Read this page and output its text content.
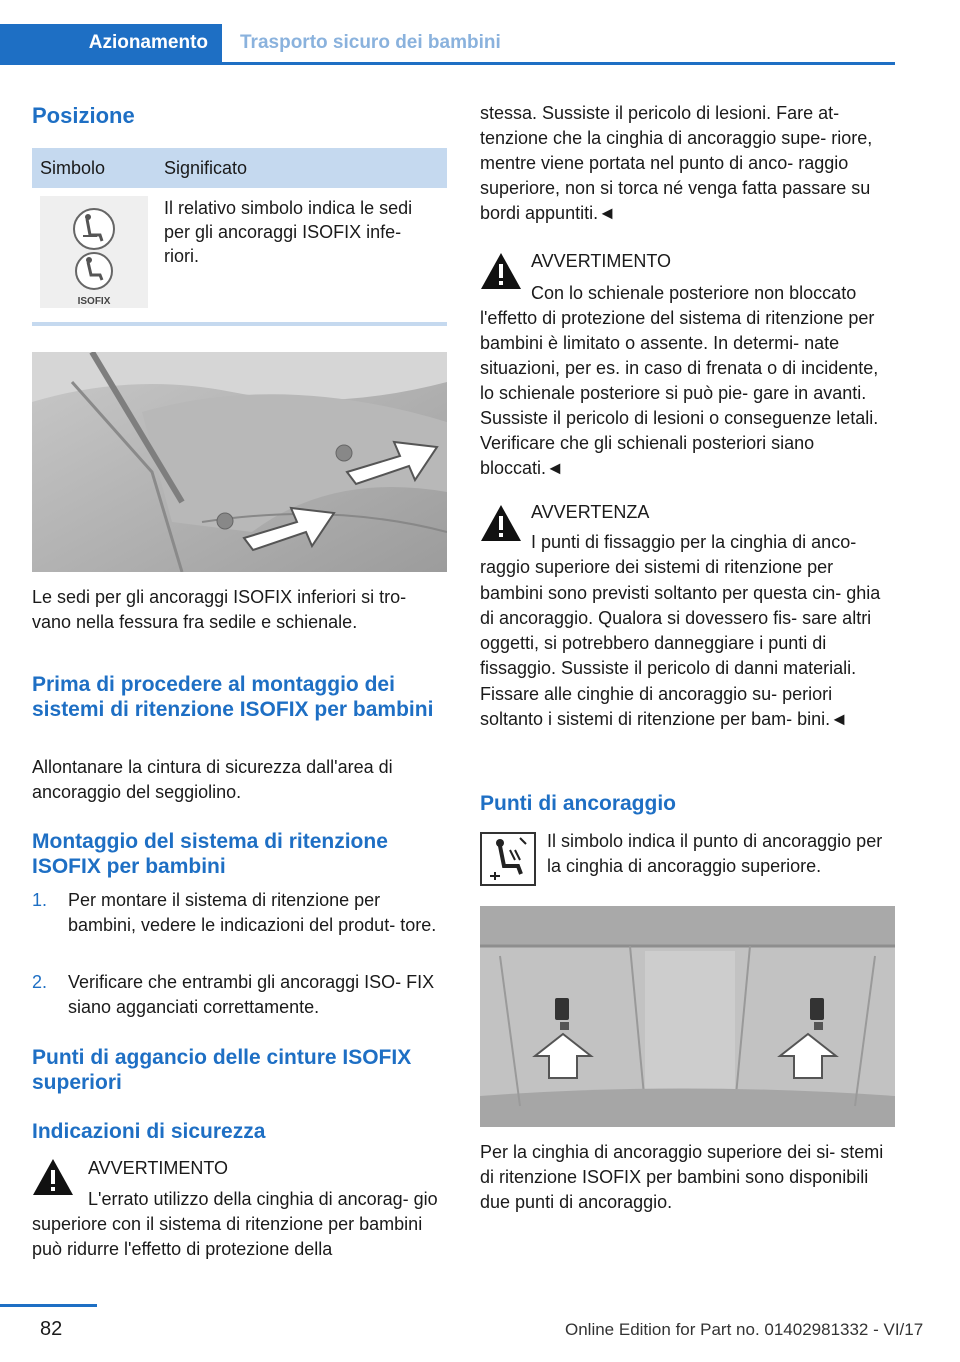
Azionamento	Trasporto sicuro dei bambini
Posizione
Simbolo	Significato

ISOFIX	Il relativo simbolo indica le sedi per gli ancoraggi ISOFIX infe- riori.

Le sedi per gli ancoraggi ISOFIX inferiori si tro- vano nella fessura fra sedile e schienale.

Prima di procedere al montaggio dei sistemi di ritenzione ISOFIX per bambini

Allontanare la cintura di sicurezza dall'area di ancoraggio del seggiolino.

Montaggio del sistema di ritenzione ISOFIX per bambini
1. Per montare il sistema di ritenzione per bambini, vedere le indicazioni del produt- tore.
2. Verificare che entrambi gli ancoraggi ISO- FIX siano agganciati correttamente.
Punti di aggancio delle cinture ISOFIX superiori
Indicazioni di sicurezza
AVVERTIMENTO
L'errato utilizzo della cinghia di ancorag- gio superiore con il sistema di ritenzione per bambini può ridurre l'effetto di protezione della

stessa. Sussiste il pericolo di lesioni. Fare at- tenzione che la cinghia di ancoraggio supe- riore, mentre viene portata nel punto di anco- raggio superiore, non si torca né venga fatta passare su bordi appuntiti.◄

AVVERTIMENTO
Con lo schienale posteriore non bloccato l'effetto di protezione del sistema di ritenzione per bambini è limitato o assente. In determi- nate situazioni, per es. in caso di frenata o di incidente, lo schienale posteriore si può pie- gare in avanti. Sussiste il pericolo di lesioni o conseguenze letali. Verificare che gli schienali posteriori siano bloccati.◄
AVVERTENZA
I punti di fissaggio per la cinghia di anco- raggio superiore dei sistemi di ritenzione per bambini sono previsti soltanto per questa cin- ghia di ancoraggio. Qualora si dovessero fis- sare altri oggetti, si potrebbero danneggiare i punti di fissaggio. Sussiste il pericolo di danni materiali. Fissare alle cinghie di ancoraggio su- periori soltanto i sistemi di ritenzione per bam- bini.◄
Punti di ancoraggio
Il simbolo indica il punto di ancoraggio per la cinghia di ancoraggio superiore.

Per la cinghia di ancoraggio superiore dei si- stemi di ritenzione ISOFIX per bambini sono disponibili due punti di ancoraggio.

82	Online Edition for Part no. 01402981332 - VI/17
